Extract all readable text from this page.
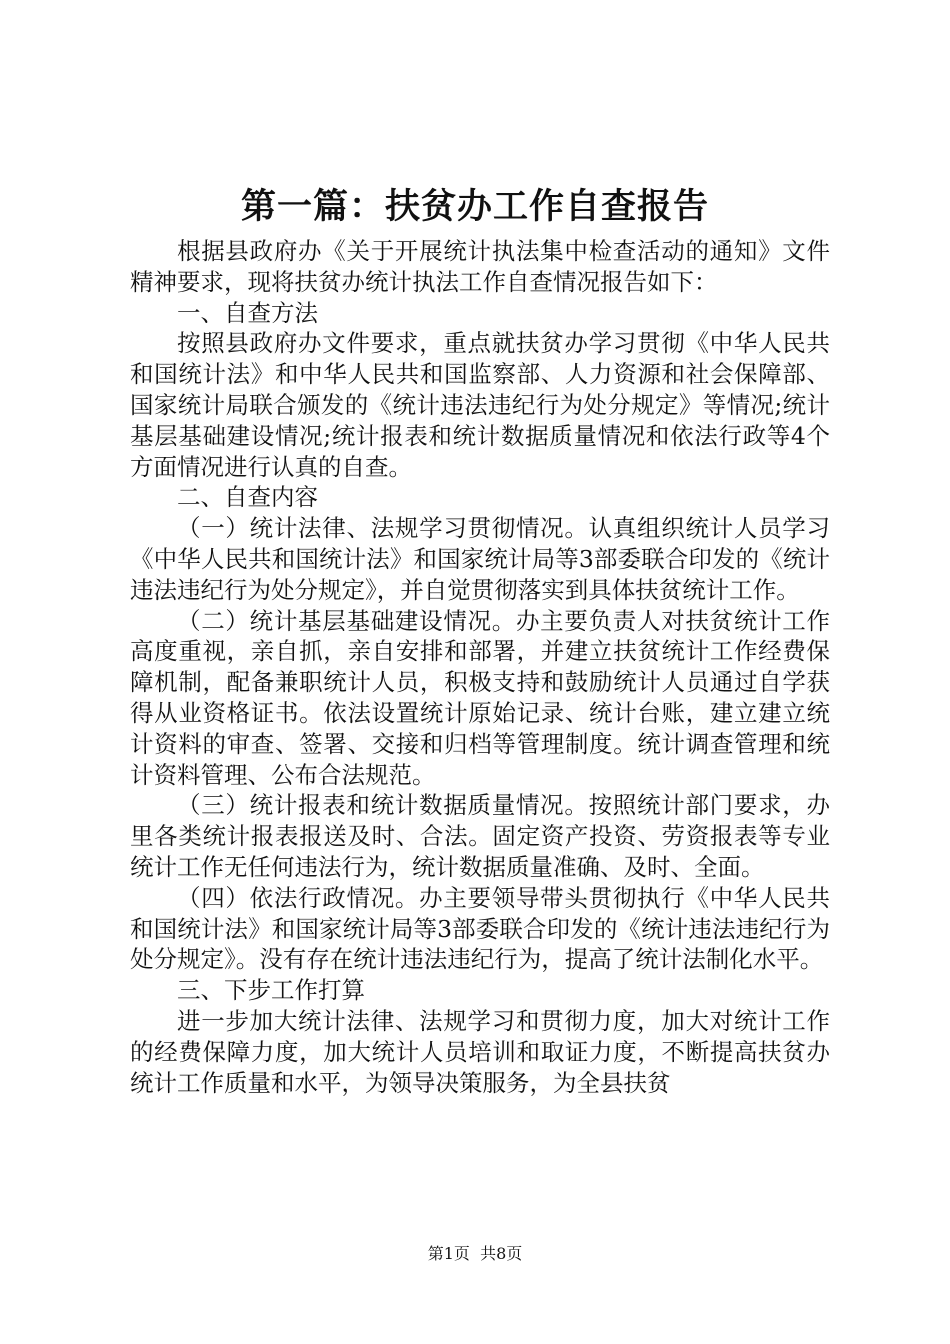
第一篇：扶贫办工作自查报告

根据县政府办《关于开展统计执法集中检查活动的通知》文件精神要求，现将扶贫办统计执法工作自查情况报告如下：

一、自查方法

按照县政府办文件要求，重点就扶贫办学习贯彻《中华人民共和国统计法》和中华人民共和国监察部、人力资源和社会保障部、国家统计局联合颁发的《统计违法违纪行为处分规定》等情况;统计基层基础建设情况;统计报表和统计数据质量情况和依法行政等4个方面情况进行认真的自查。

二、自查内容

（一）统计法律、法规学习贯彻情况。认真组织统计人员学习《中华人民共和国统计法》和国家统计局等3部委联合印发的《统计违法违纪行为处分规定》，并自觉贯彻落实到具体扶贫统计工作。

（二）统计基层基础建设情况。办主要负责人对扶贫统计工作高度重视，亲自抓，亲自安排和部署，并建立扶贫统计工作经费保障机制，配备兼职统计人员，积极支持和鼓励统计人员通过自学获得从业资格证书。依法设置统计原始记录、统计台账，建立建立统计资料的审查、签署、交接和归档等管理制度。统计调查管理和统计资料管理、公布合法规范。

（三）统计报表和统计数据质量情况。按照统计部门要求，办里各类统计报表报送及时、合法。固定资产投资、劳资报表等专业统计工作无任何违法行为，统计数据质量准确、及时、全面。

（四）依法行政情况。办主要领导带头贯彻执行《中华人民共和国统计法》和国家统计局等3部委联合印发的《统计违法违纪行为处分规定》。没有存在统计违法违纪行为，提高了统计法制化水平。

三、下步工作打算

进一步加大统计法律、法规学习和贯彻力度，加大对统计工作的经费保障力度，加大统计人员培训和取证力度，不断提高扶贫办统计工作质量和水平，为领导决策服务，为全县扶贫

第1页 共8页
